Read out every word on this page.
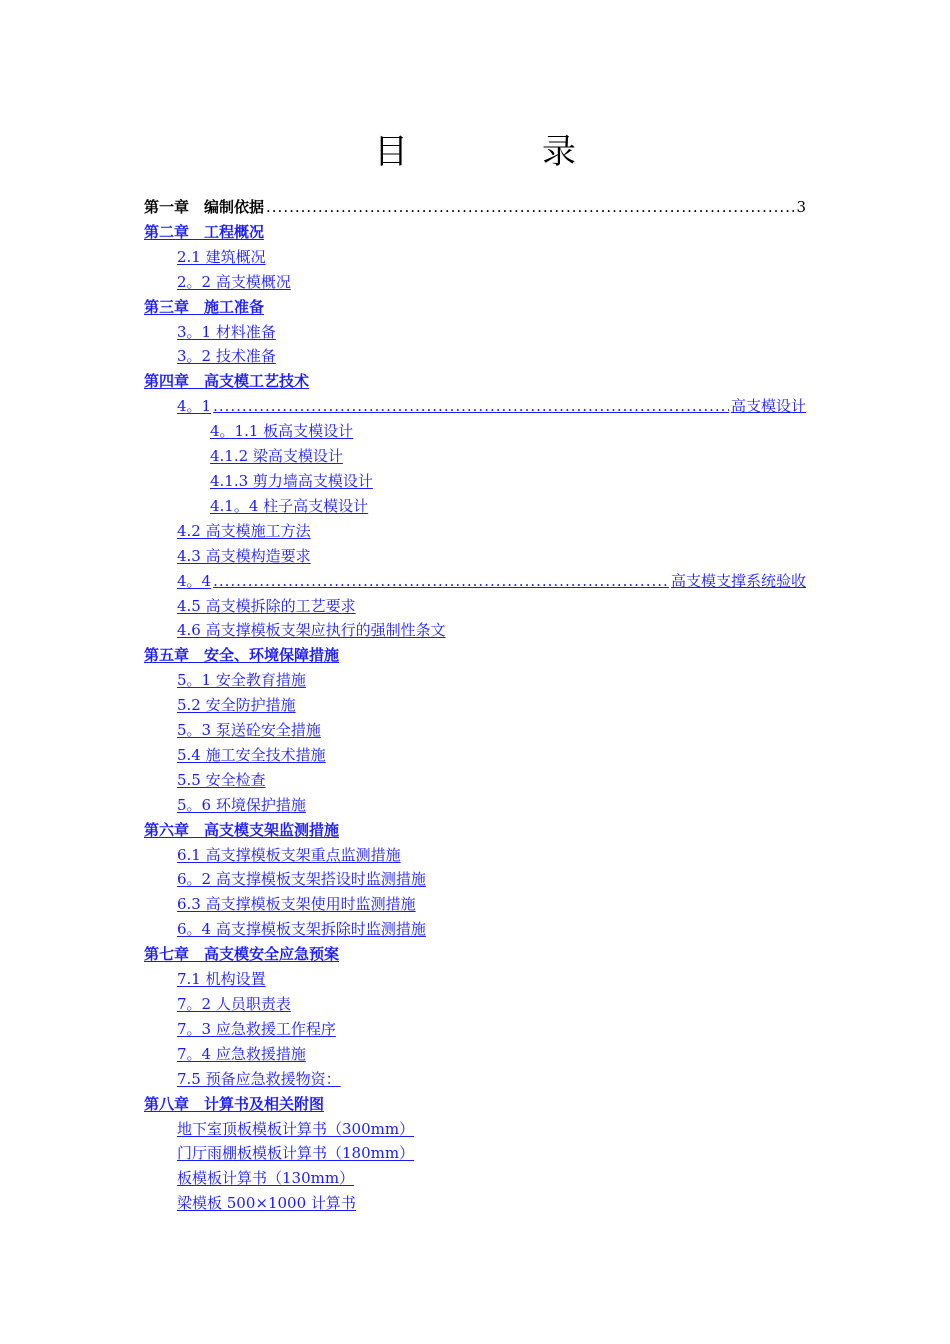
目　录
第一章　编制依据 .....	3
第二章　工程概况
2.1 建筑概况
2。2 高支模概况
第三章　施工准备
3。1 材料准备
3。2 技术准备
第四章　高支模工艺技术
4。1 .....	高支模设计
4。1.1 板高支模设计
4.1.2 梁高支模设计
4.1.3 剪力墙高支模设计
4.1。4 柱子高支模设计
4.2 高支模施工方法
4.3 高支模构造要求
4。4 .....	高支模支撑系统验收
4.5 高支模拆除的工艺要求
4.6 高支撑模板支架应执行的强制性条文
第五章　安全、环境保障措施
5。1 安全教育措施
5.2 安全防护措施
5。3 泵送砼安全措施
5.4 施工安全技术措施
5.5 安全检查
5。6 环境保护措施
第六章　高支模支架监测措施
6.1 高支撑模板支架重点监测措施
6。2 高支撑模板支架搭设时监测措施
6.3 高支撑模板支架使用时监测措施
6。4 高支撑模板支架拆除时监测措施
第七章　高支模安全应急预案
7.1 机构设置
7。2 人员职责表
7。3 应急救援工作程序
7。4 应急救援措施
7.5 预备应急救援物资：
第八章　计算书及相关附图
地下室顶板模板计算书（300mm）
门厅雨棚板模板计算书（180mm）
板模板计算书（130mm）
梁模板 500×1000 计算书
